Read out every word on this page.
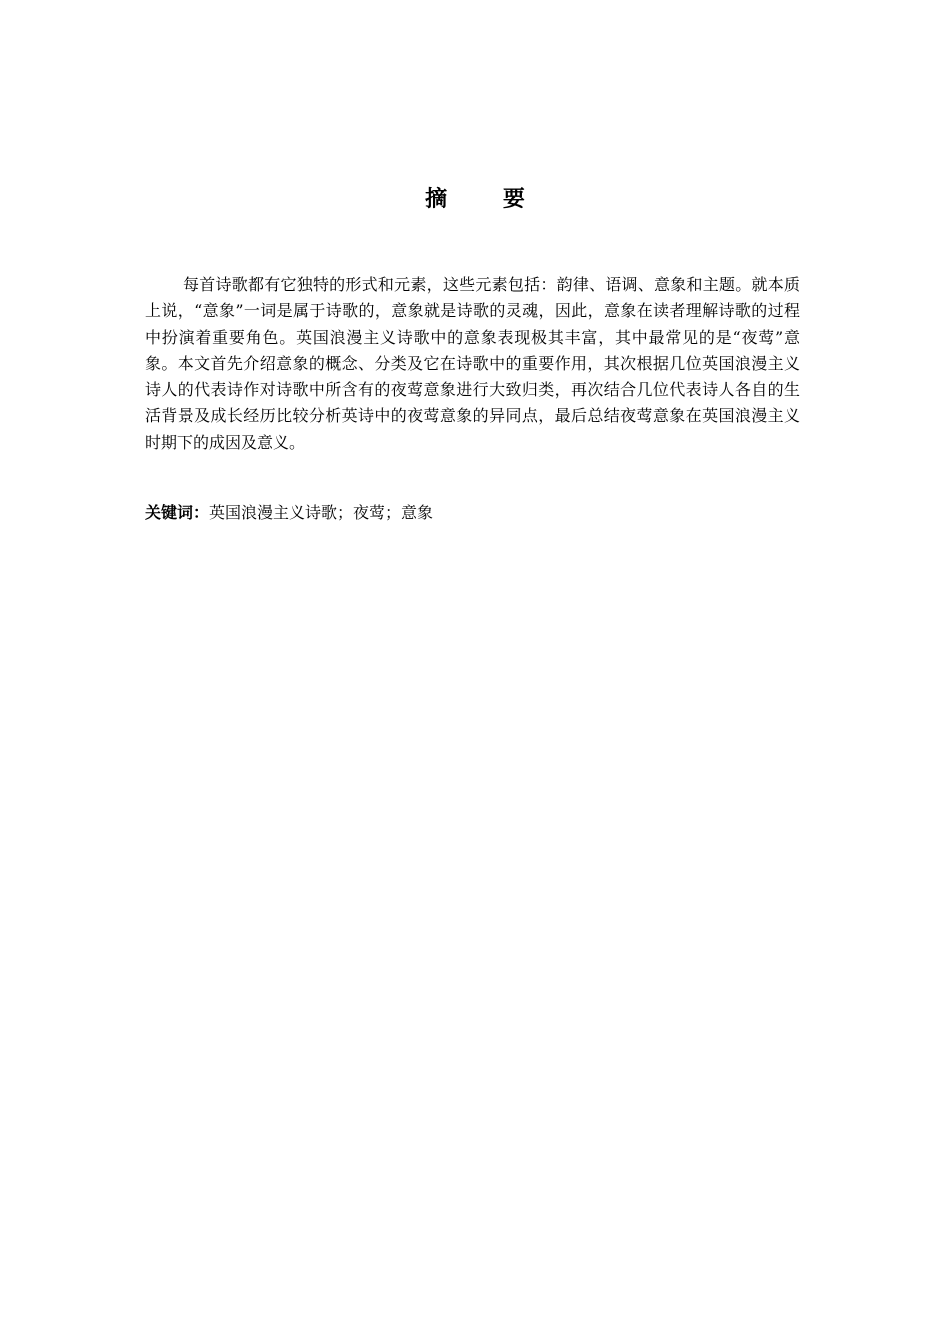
摘 要

每首诗歌都有它独特的形式和元素，这些元素包括：韵律、语调、意象和主题。就本质上说，“意象”一词是属于诗歌的，意象就是诗歌的灵魂，因此，意象在读者理解诗歌的过程中扮演着重要角色。英国浪漫主义诗歌中的意象表现极其丰富，其中最常见的是“夜莺”意象。本文首先介绍意象的概念、分类及它在诗歌中的重要作用，其次根据几位英国浪漫主义诗人的代表诗作对诗歌中所含有的夜莺意象进行大致归类，再次结合几位代表诗人各自的生活背景及成长经历比较分析英诗中的夜莺意象的异同点，最后总结夜莺意象在英国浪漫主义时期下的成因及意义。

关键词：英国浪漫主义诗歌；夜莺；意象
